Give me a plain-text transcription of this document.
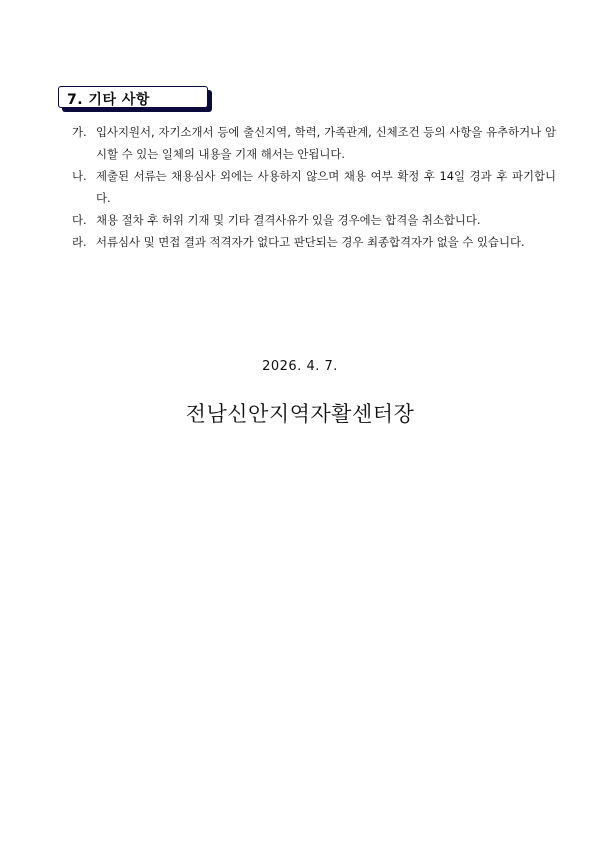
7. 기타 사항
가. 입사지원서, 자기소개서 등에 출신지역, 학력, 가족관계, 신체조건 등의 사항을 유추하거나 암시할 수 있는 일체의 내용을 기재 해서는 안됩니다.
나. 제출된 서류는 채용심사 외에는 사용하지 않으며 채용 여부 확정 후 14일 경과 후 파기합니다.
다. 채용 절차 후 허위 기재 및 기타 결격사유가 있을 경우에는 합격을 취소합니다.
라. 서류심사 및 면접 결과 적격자가 없다고 판단되는 경우 최종합격자가 없을 수 있습니다.
2026. 4. 7.
전남신안지역자활센터장
